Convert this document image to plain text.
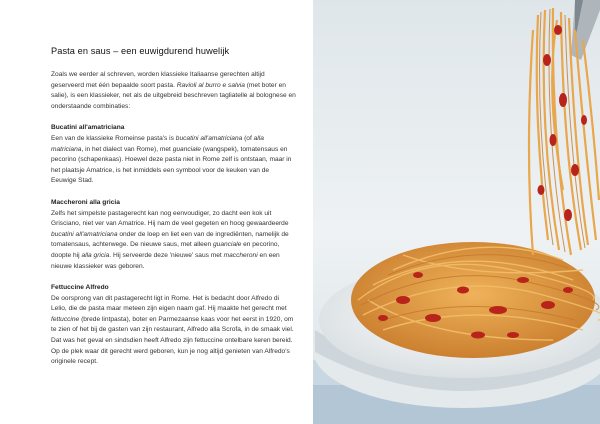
Pasta en saus – een euwigdurend huwelijk

Zoals we eerder al schreven, worden klassieke Italiaanse gerechten altijd geserveerd met één bepaalde soort pasta. Ravioli al burro e salvia (met boter en salie), is een klassieker, net als de uitgebreid beschreven tagliatelle al bolognese en onderstaande combinaties:

Bucatini all'amatriciana
Een van de klassieke Romeinse pasta's is bucatini all'amatriciana (of alla matriciana, in het dialect van Rome), met guanciale (wangspek), tomatensaus en pecorino (schapenkaas). Hoewel deze pasta niet in Rome zelf is ontstaan, maar in het plaatsje Amatrice, is het inmiddels een symbool voor de keuken van de Eeuwige Stad.

Maccheroni alla gricia
Zelfs het simpelste pastagerecht kan nog eenvoudiger, zo dacht een kok uit Grisciano, niet ver van Amatrice. Hij nam de veel gegeten en hoog gewaardeerde bucatini all'amatriciana onder de loep en liet een van de ingrediënten, namelijk de tomatensaus, achterwege. De nieuwe saus, met alleen guanciale en pecorino, doopte hij alla gricia. Hij serveerde deze 'nieuwe' saus met maccheroni en een nieuwe klassieker was geboren.

Fettuccine Alfredo
De oorsprong van dit pastagerecht ligt in Rome. Het is bedacht door Alfredo di Lelio, die de pasta maar meteen zijn eigen naam gaf. Hij maakte het gerecht met fettuccine (brede lintpasta), boter en Parmezaanse kaas voor het eerst in 1920, om te zien of het bij de gasten van zijn restaurant, Alfredo alla Scrofa, in de smaak viel. Dat was het geval en sindsdien heeft Alfredo zijn fettuccine ontelbare keren bereid. Op de plek waar dit gerecht werd geboren, kun je nog altijd genieten van Alfredo's originele recept.
